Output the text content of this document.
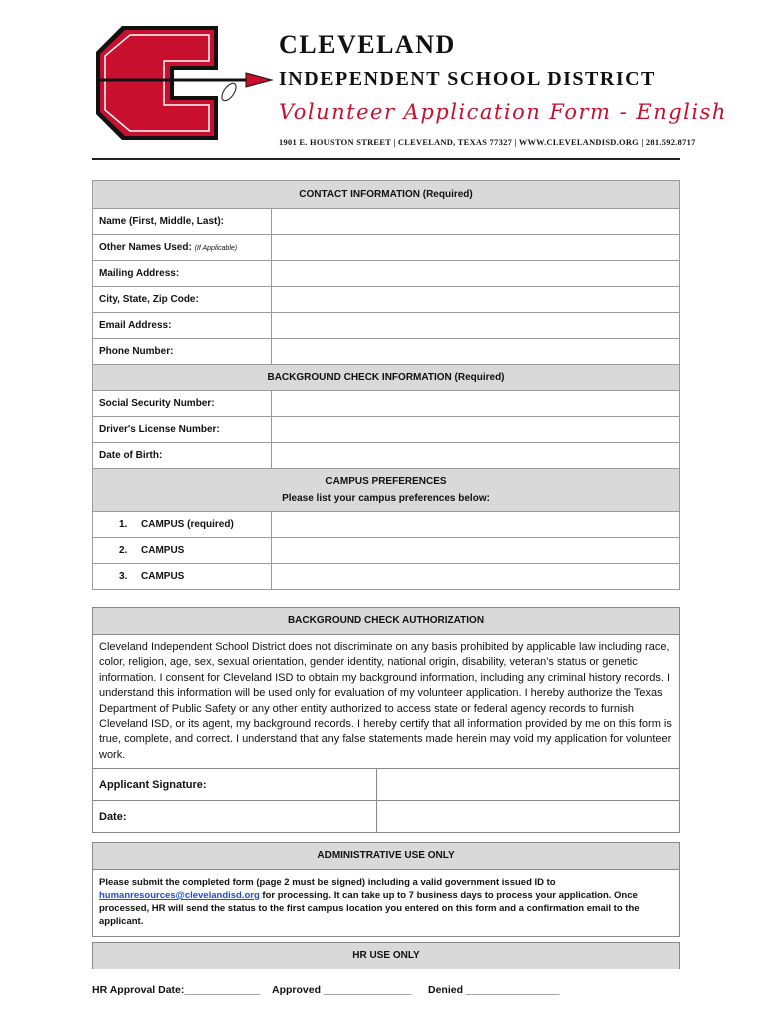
CLEVELAND
INDEPENDENT SCHOOL DISTRICT
Volunteer Application Form - English
1901 E. HOUSTON STREET | CLEVELAND, TEXAS 77327 | WWW.CLEVELANDISD.ORG | 281.592.8717
CONTACT INFORMATION (Required)	
Name (First, Middle, Last):	
Other Names Used: (If Applicable)	
Mailing Address:	
City, State, Zip Code:	
Email Address:	
Phone Number:	
BACKGROUND CHECK INFORMATION (Required)	
Social Security Number:	
Driver's License Number:	
Date of Birth:	

CAMPUS PREFERENCES
Please list your campus preferences below:	

1. CAMPUS (required)	
2. CAMPUS	
3. CAMPUS	
BACKGROUND CHECK AUTHORIZATION
Cleveland Independent School District does not discriminate on any basis prohibited by applicable law including race, color, religion, age, sex, sexual orientation, gender identity, national origin, disability, veteran’s status or genetic information. I consent for Cleveland ISD to obtain my background information, including any criminal history records. I understand this information will be used only for evaluation of my volunteer application. I hereby authorize the Texas Department of Public Safety or any other entity authorized to access state or federal agency records to furnish Cleveland ISD, or its agent, my background records. I hereby certify that all information provided by me on this form is true, complete, and correct. I understand that any false statements made herein may void my application for volunteer work.
Applicant Signature:	
Date:	
ADMINISTRATIVE USE ONLY
Please submit the completed form (page 2 must be signed) including a valid government issued ID to humanresources@clevelandisd.org for processing. It can take up to 7 business days to process your application. Once processed, HR will send the status to the first campus location you entered on this form and a confirmation email to the applicant.
HR USE ONLY
HR Approval Date:_____________ Approved _______________ Denied ________________
